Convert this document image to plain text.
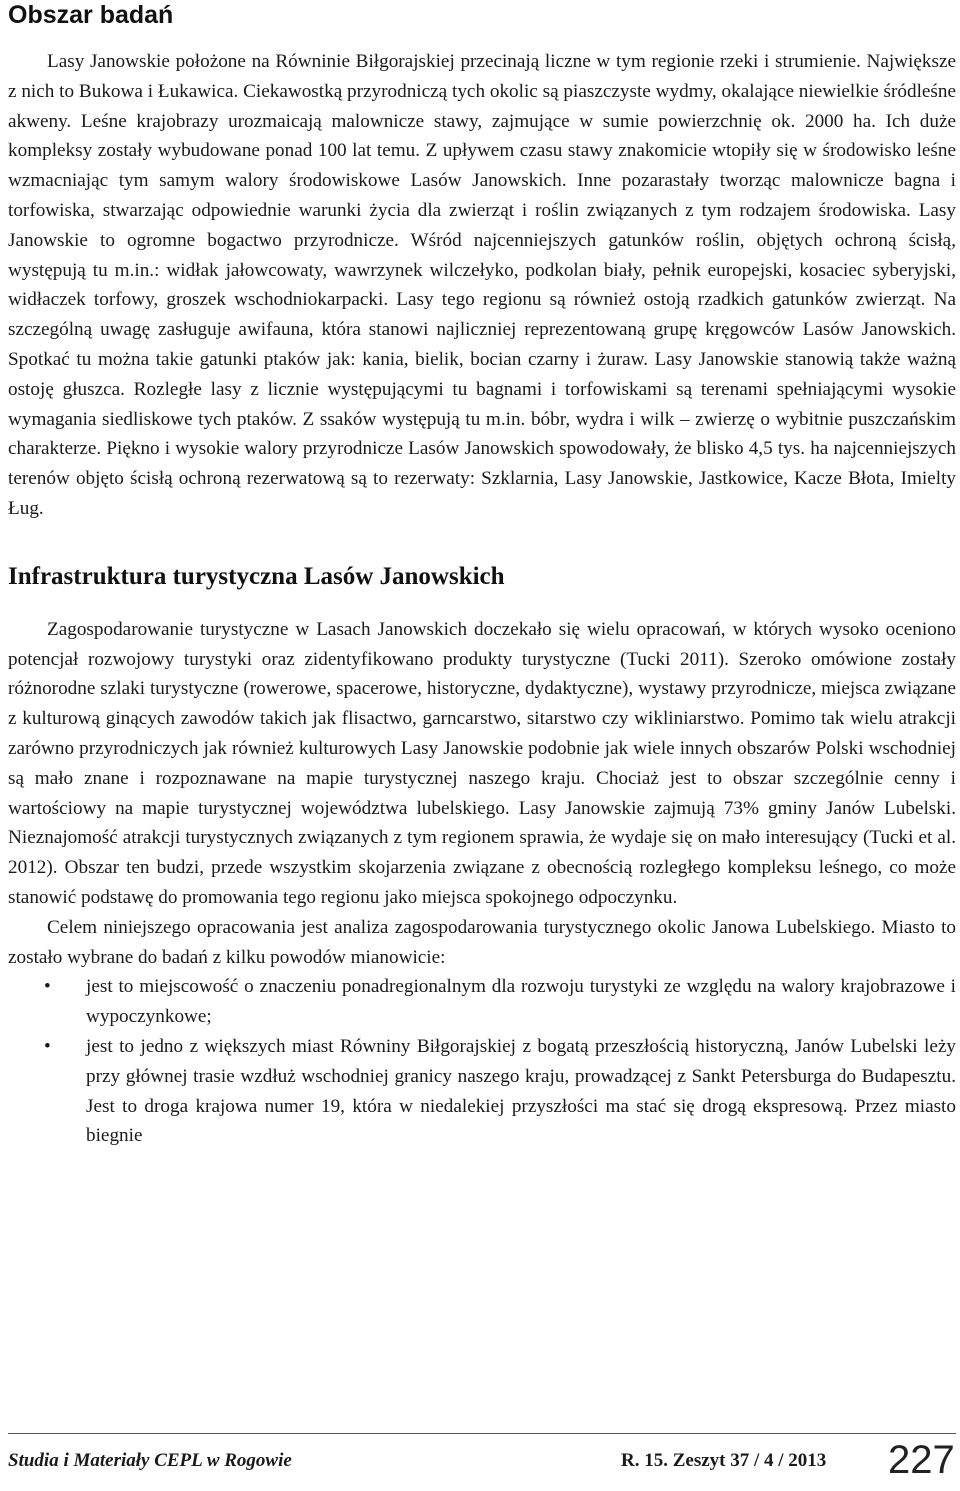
Obszar badań

Lasy Janowskie położone na Równinie Biłgorajskiej przecinają liczne w tym regionie rzeki i strumienie. Największe z nich to Bukowa i Łukawica. Ciekawostką przyrodniczą tych okolic są piaszczyste wydmy, okalające niewielkie śródleśne akweny. Leśne krajobrazy urozmaicają malownicze stawy, zajmujące w sumie powierzchnię ok. 2000 ha. Ich duże kompleksy zostały wybudowane ponad 100 lat temu. Z upływem czasu stawy znakomicie wtopiły się w środowisko leśne wzmacniając tym samym walory środowiskowe Lasów Janowskich. Inne pozarastały tworząc malownicze bagna i torfowiska, stwarzając odpowiednie warunki życia dla zwierząt i roślin związanych z tym rodzajem środowiska. Lasy Janowskie to ogromne bogactwo przyrodnicze. Wśród najcenniejszych gatunków roślin, objętych ochroną ścisłą, występują tu m.in.: widłak jałowcowaty, wawrzynek wilczełyko, podkolan biały, pełnik europejski, kosaciec syberyjski, widłaczek torfowy, groszek wschodniokarpacki. Lasy tego regionu są również ostoją rzadkich gatunków zwierząt. Na szczególną uwagę zasługuje awifauna, która stanowi najliczniej reprezentowaną grupę kręgowców Lasów Janowskich. Spotkać tu można takie gatunki ptaków jak: kania, bielik, bocian czarny i żuraw. Lasy Janowskie stanowią także ważną ostoję głuszca. Rozległe lasy z licznie występującymi tu bagnami i torfowiskami są terenami spełniającymi wysokie wymagania siedliskowe tych ptaków. Z ssaków występują tu m.in. bóbr, wydra i wilk – zwierzę o wybitnie puszczańskim charakterze. Piękno i wysokie walory przyrodnicze Lasów Janowskich spowodowały, że blisko 4,5 tys. ha najcenniejszych terenów objęto ścisłą ochroną rezerwatową są to rezerwaty: Szklarnia, Lasy Janowskie, Jastkowice, Kacze Błota, Imielty Ług.

Infrastruktura turystyczna Lasów Janowskich

Zagospodarowanie turystyczne w Lasach Janowskich doczekało się wielu opracowań, w których wysoko oceniono potencjał rozwojowy turystyki oraz zidentyfikowano produkty turystyczne (Tucki 2011). Szeroko omówione zostały różnorodne szlaki turystyczne (rowerowe, spacerowe, historyczne, dydaktyczne), wystawy przyrodnicze, miejsca związane z kulturową ginących zawodów takich jak flisactwo, garncarstwo, sitarstwo czy wikliniarstwo. Pomimo tak wielu atrakcji zarówno przyrodniczych jak również kulturowych Lasy Janowskie podobnie jak wiele innych obszarów Polski wschodniej są mało znane i rozpoznawane na mapie turystycznej naszego kraju. Chociaż jest to obszar szczególnie cenny i wartościowy na mapie turystycznej województwa lubelskiego. Lasy Janowskie zajmują 73% gminy Janów Lubelski. Nieznajomość atrakcji turystycznych związanych z tym regionem sprawia, że wydaje się on mało interesujący (Tucki et al. 2012). Obszar ten budzi, przede wszystkim skojarzenia związane z obecnością rozległego kompleksu leśnego, co może stanowić podstawę do promowania tego regionu jako miejsca spokojnego odpoczynku.

Celem niniejszego opracowania jest analiza zagospodarowania turystycznego okolic Janowa Lubelskiego. Miasto to zostało wybrane do badań z kilku powodów mianowicie:

• jest to miejscowość o znaczeniu ponadregionalnym dla rozwoju turystyki ze względu na walory krajobrazowe i wypoczynkowe;
• jest to jedno z większych miast Równiny Biłgorajskiej z bogatą przeszłością historyczną, Janów Lubelski leży przy głównej trasie wzdłuż wschodniej granicy naszego kraju, prowadzącej z Sankt Petersburga do Budapesztu. Jest to droga krajowa numer 19, która w niedalekiej przyszłości ma stać się drogą ekspresową. Przez miasto biegnie
Studia i Materiały CEPL w Rogowie	R. 15. Zeszyt 37 / 4 / 2013 227
